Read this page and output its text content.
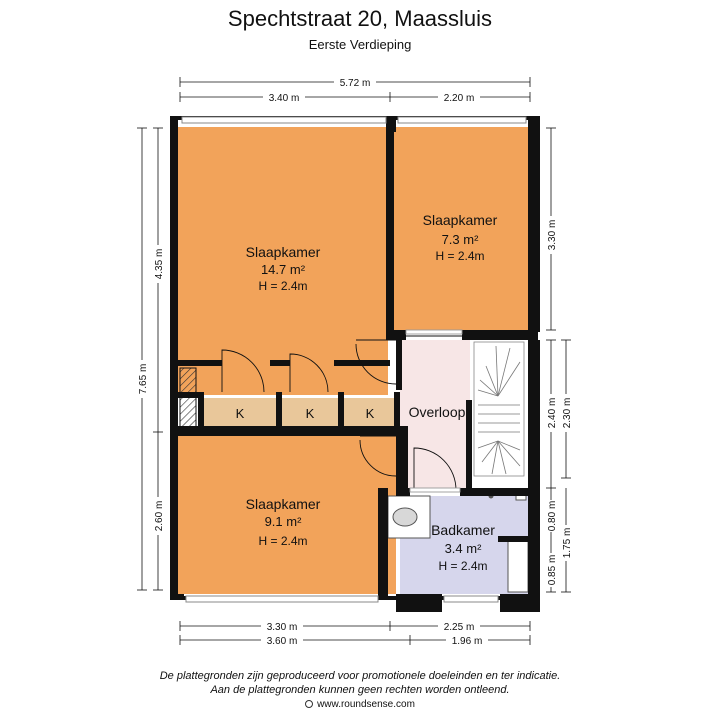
Spechtstraat 20, Maassluis
Eerste Verdieping
5.72 m
3.40 m	2.20 m
7.65 m
4.35 m
2.60 m
3.30 m
2.40 m 2.30 m
0.80 m
1.75 m
0.85 m
3.30 m	2.25 m
3.60 m	1.96 m
Slaapkamer
14.7 m²
H = 2.4m
Slaapkamer
7.3 m²
H = 2.4m
Slaapkamer
9.1 m²
H = 2.4m
Badkamer
3.4 m²
H = 2.4m
Overloop
K	K	K
De plattegronden zijn geproduceerd voor promotionele doeleinden en ter indicatie.
Aan de plattegronden kunnen geen rechten worden ontleend.
www.roundsense.com
